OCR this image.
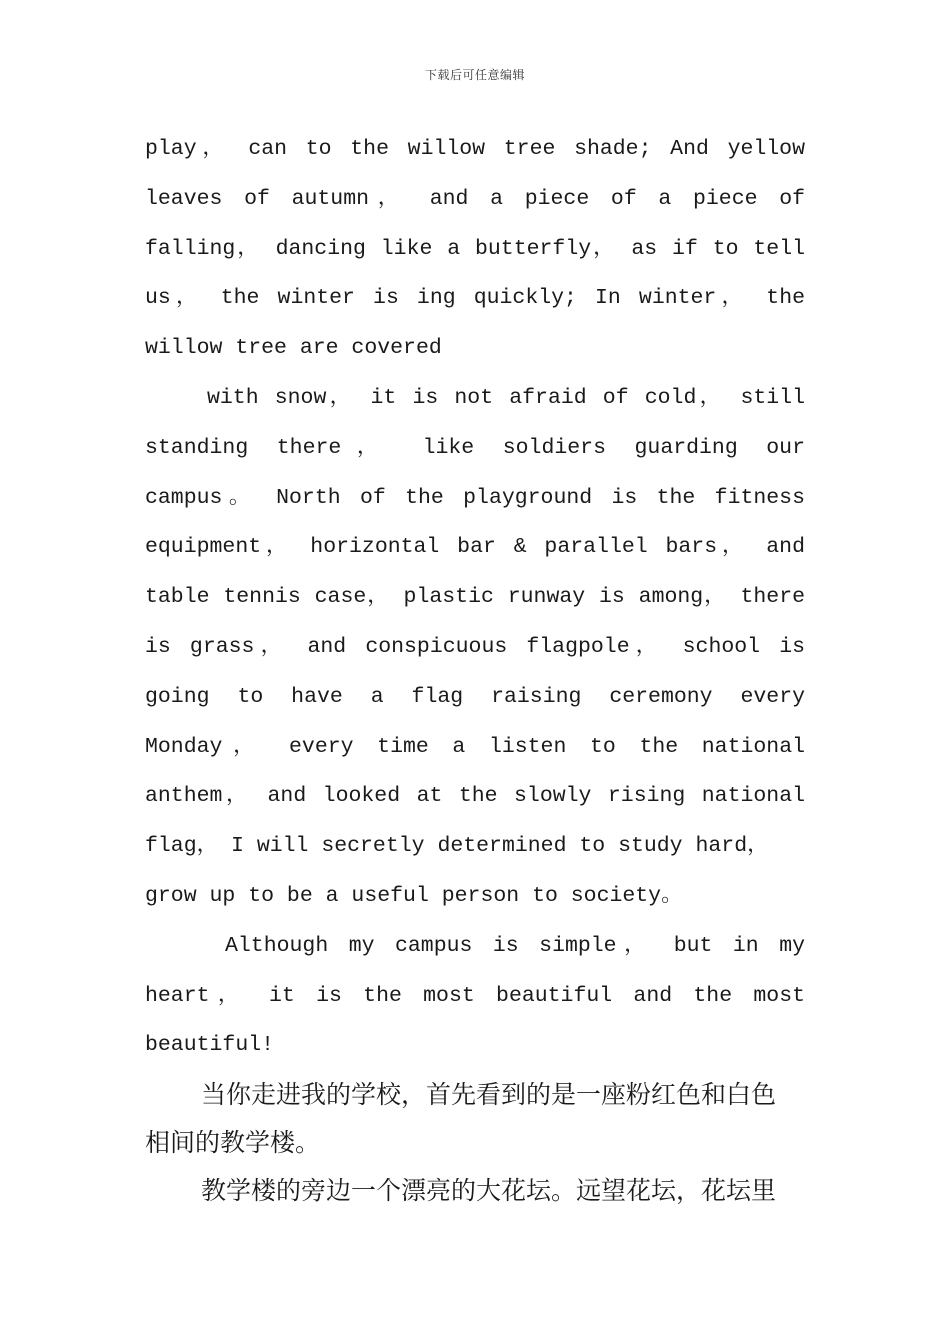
下载后可任意编辑
play， can to the willow tree shade; And yellow
leaves of autumn， and a piece of a piece of
falling， dancing like a butterfly， as if to tell
us， the winter is ing quickly; In winter， the
willow tree are covered
with snow， it is not afraid of cold， still
standing there， like soldiers guarding our
campus。 North of the playground is the fitness
equipment， horizontal bar & parallel bars， and
table tennis case， plastic runway is among， there
is grass， and conspicuous flagpole， school is
going to have a flag raising ceremony every
Monday， every time a listen to the national
anthem， and looked at the slowly rising national
flag， I will secretly determined to study hard，
grow up to be a useful person to society。
Although my campus is simple， but in my
heart， it is the most beautiful and the most
beautiful!
当你走进我的学校，首先看到的是一座粉红色和白色
相间的教学楼。
教学楼的旁边一个漂亮的大花坛。远望花坛，花坛里
